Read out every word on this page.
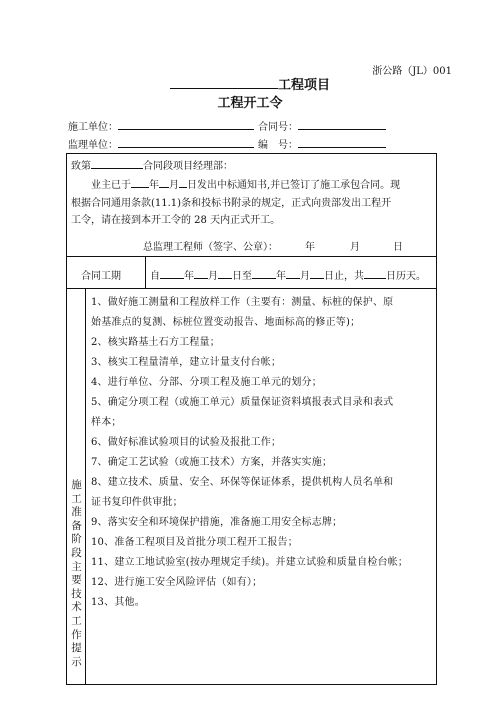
浙公路（JL）001
工程项目
工程开工令
施工单位：	合同号：
监理单位：	编　号：
致第	合同段项目经理部：
业主已于 年 月 日发出中标通知书,并已签订了施工承包合同。现
根据合同通用条款(11.1)条和投标书附录的规定，正式向贵部发出工程开
工令，请在接到本开工令的 28 天内正式开工。
总监理工程师（签字、公章）：	年	月	日
合同工期	自 年 月 日至 年 月 日止，共 日历天。
施
工
准
备
阶
段
主
要
技
术
工
作
提
示
1、做好施工测量和工程放样工作（主要有：测量、标桩的保护、原
始基准点的复测、标桩位置变动报告、地面标高的修正等)；
2、核实路基土石方工程量；
3、核实工程量清单，建立计量支付台帐；
4、进行单位、分部、分项工程及施工单元的划分；
5、确定分项工程（或施工单元）质量保证资料填报表式目录和表式
样本；
6、做好标准试验项目的试验及报批工作；
7、确定工艺试验（或施工技术）方案，并落实实施；
8、建立技术、质量、安全、环保等保证体系，提供机构人员名单和
证书复印件供审批；
9、落实安全和环境保护措施，准备施工用安全标志牌；
10、准备工程项目及首批分项工程开工报告；
11、建立工地试验室(按办理规定手续)。并建立试验和质量自检台帐；
12、进行施工安全风险评估（如有）；
13、其他。
